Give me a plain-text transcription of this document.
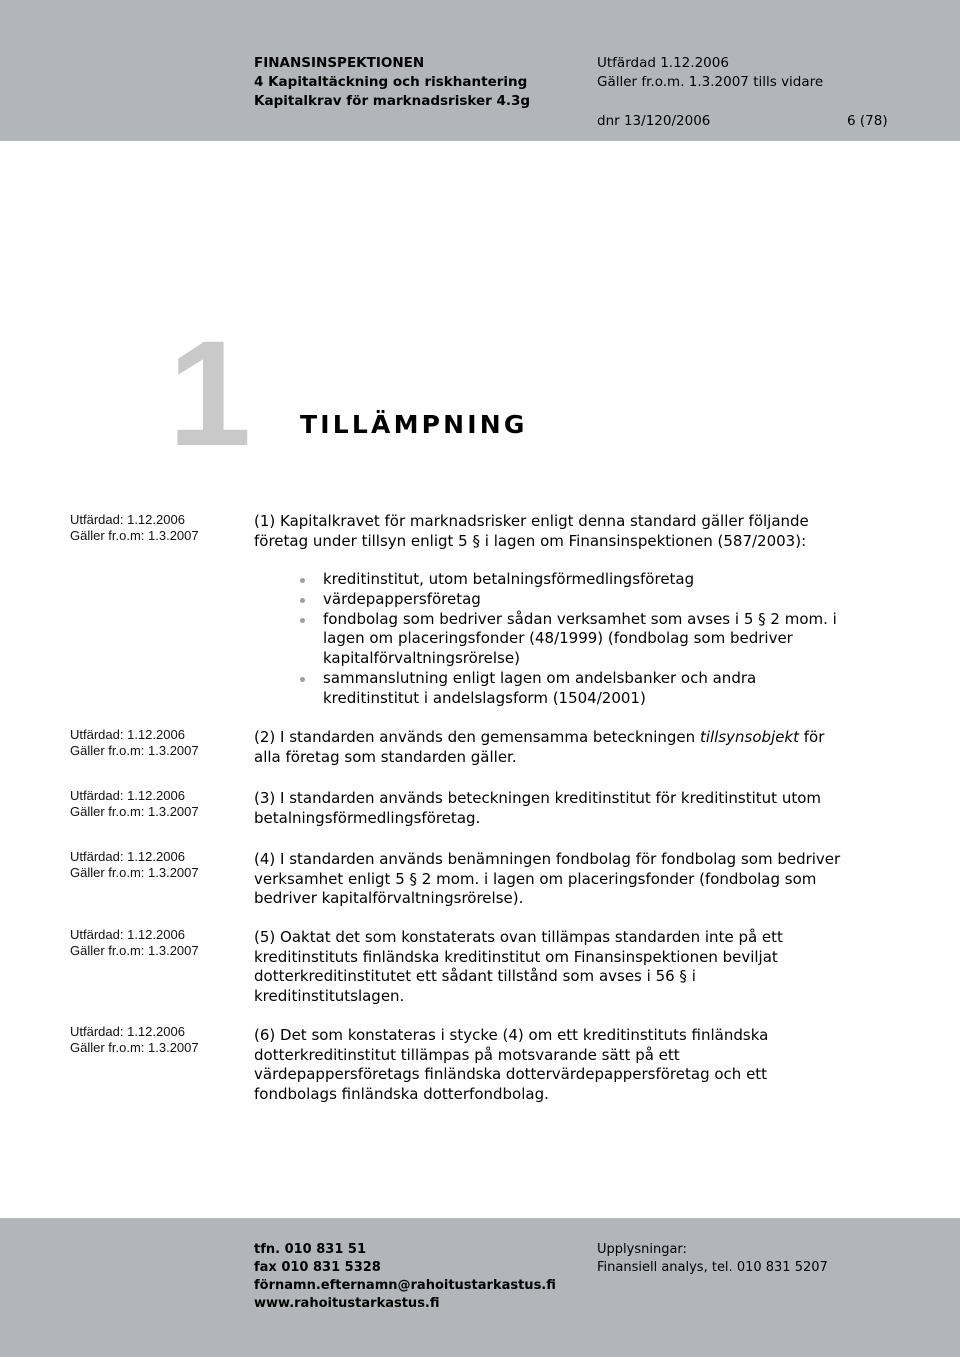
FINANSINSPEKTIONEN
4 Kapitaltäckning och riskhantering
Kapitalkrav för marknadsrisker 4.3g
Utfärdad 1.12.2006
Gäller fr.o.m. 1.3.2007 tills vidare
dnr 13/120/2006	6 (78)
1 TILLÄMPNING
Utfärdad: 1.12.2006
Gäller fr.o.m: 1.3.2007
Utfärdad: 1.12.2006
Gäller fr.o.m: 1.3.2007
Utfärdad: 1.12.2006
Gäller fr.o.m: 1.3.2007
Utfärdad: 1.12.2006
Gäller fr.o.m: 1.3.2007
Utfärdad: 1.12.2006
Gäller fr.o.m: 1.3.2007
Utfärdad: 1.12.2006
Gäller fr.o.m: 1.3.2007
(1) Kapitalkravet för marknadsrisker enligt denna standard gäller följande
företag under tillsyn enligt 5 § i lagen om Finansinspektionen (587/2003):
kreditinstitut, utom betalningsförmedlingsföretag
värdepappersföretag
fondbolag som bedriver sådan verksamhet som avses i 5 § 2 mom. i
lagen om placeringsfonder (48/1999) (fondbolag som bedriver
kapitalförvaltningsrörelse)
sammanslutning enligt lagen om andelsbanker och andra
kreditinstitut i andelslagsform (1504/2001)
(2) I standarden används den gemensamma beteckningen tillsynsobjekt för
alla företag som standarden gäller.
(3) I standarden används beteckningen kreditinstitut för kreditinstitut utom
betalningsförmedlingsföretag.
(4) I standarden används benämningen fondbolag för fondbolag som bedriver
verksamhet enligt 5 § 2 mom. i lagen om placeringsfonder (fondbolag som
bedriver kapitalförvaltningsrörelse).
(5) Oaktat det som konstaterats ovan tillämpas standarden inte på ett
kreditinstituts finländska kreditinstitut om Finansinspektionen beviljat
dotterkreditinstitutet ett sådant tillstånd som avses i 56 § i
kreditinstitutslagen.
(6) Det som konstateras i stycke (4) om ett kreditinstituts finländska
dotterkreditinstitut tillämpas på motsvarande sätt på ett
värdepappersföretags finländska dottervärdepappersföretag och ett
fondbolags finländska dotterfondbolag.
tfn. 010 831 51
fax 010 831 5328
förnamn.efternamn@rahoitustarkastus.fi
www.rahoitustarkastus.fi
Upplysningar:
Finansiell analys, tel. 010 831 5207
